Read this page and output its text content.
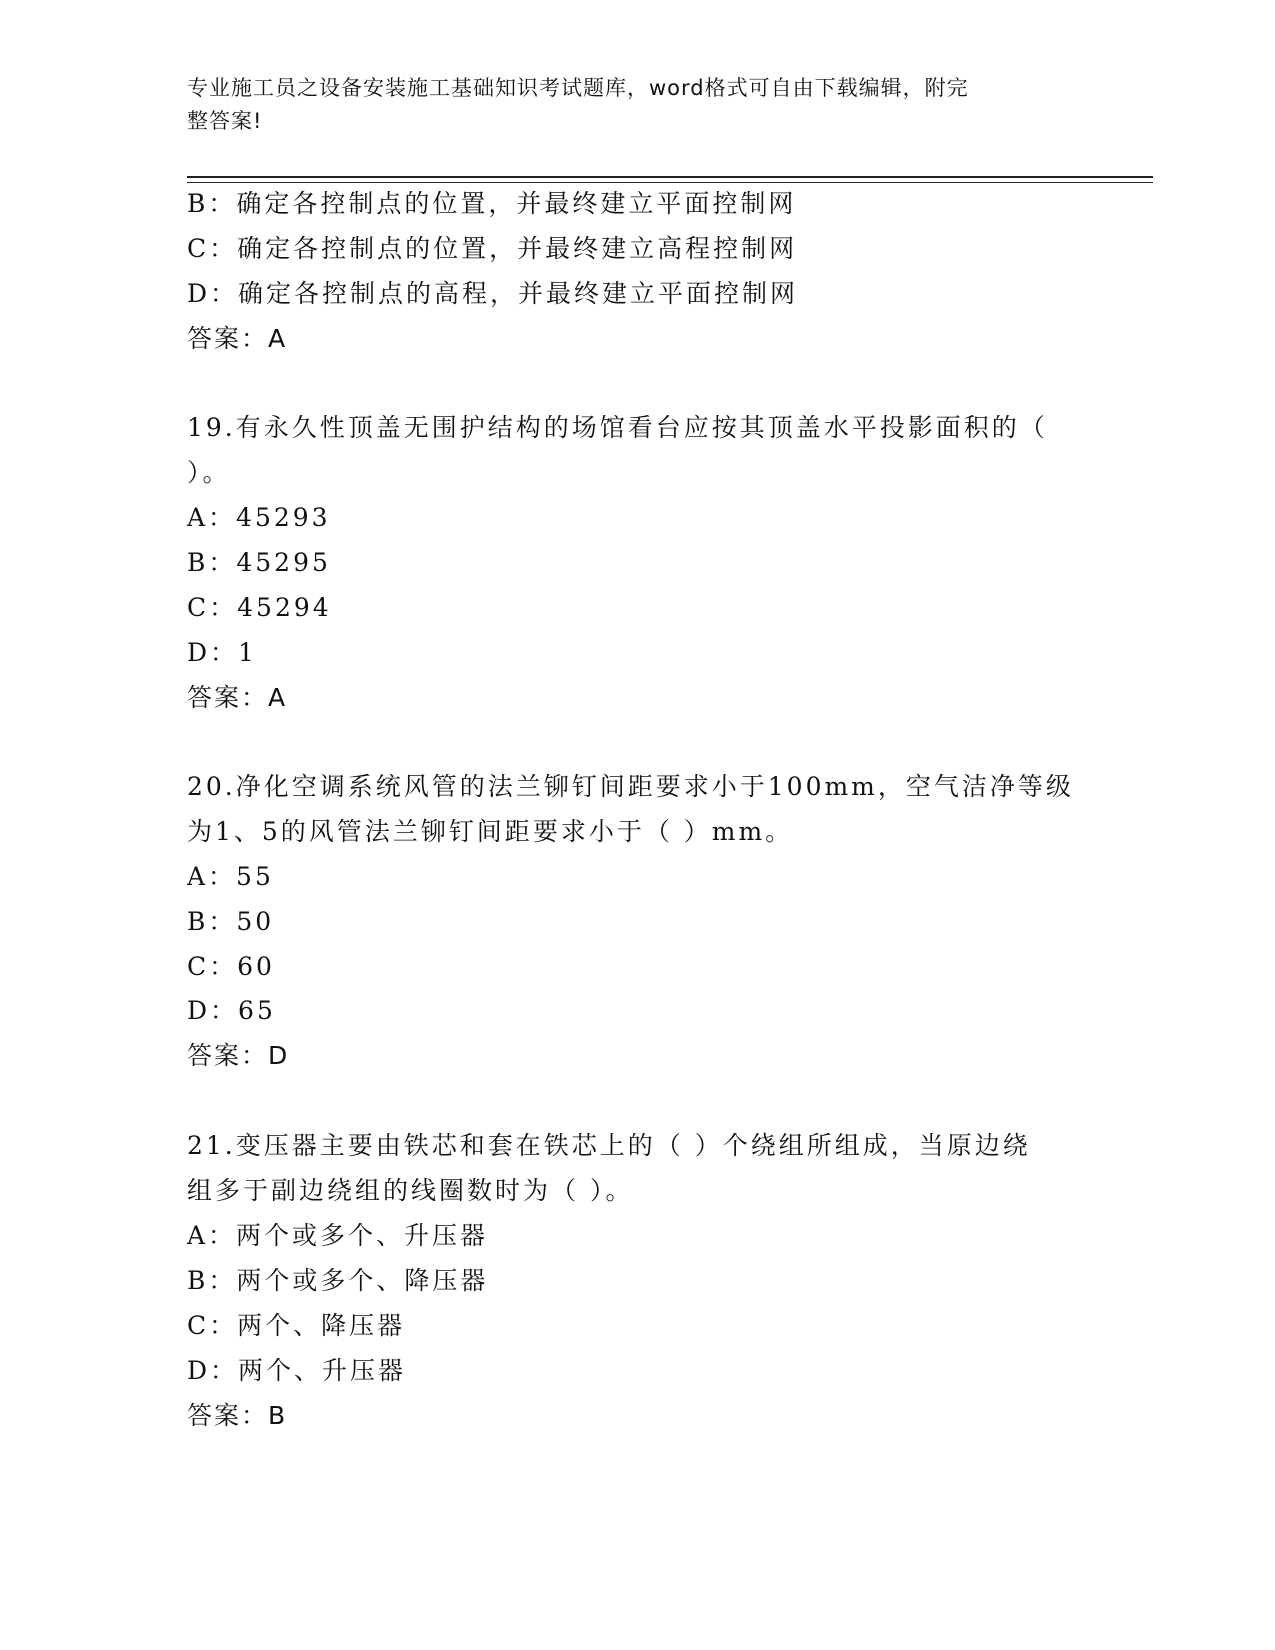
专业施工员之设备安装施工基础知识考试题库，word格式可自由下载编辑，附完
整答案!
B：确定各控制点的位置，并最终建立平面控制网
C：确定各控制点的位置，并最终建立高程控制网
D：确定各控制点的高程，并最终建立平面控制网
答案：A
19.有永久性顶盖无围护结构的场馆看台应按其顶盖水平投影面积的（
）。
A：45293
B：45295
C：45294
D：1
答案：A
20.净化空调系统风管的法兰铆钉间距要求小于100mm，空气洁净等级
为1、5的风管法兰铆钉间距要求小于（ ）mm。
A：55
B：50
C：60
D：65
答案：D
21.变压器主要由铁芯和套在铁芯上的（ ）个绕组所组成，当原边绕
组多于副边绕组的线圈数时为（ ）。
A：两个或多个、升压器
B：两个或多个、降压器
C：两个、降压器
D：两个、升压器
答案：B
